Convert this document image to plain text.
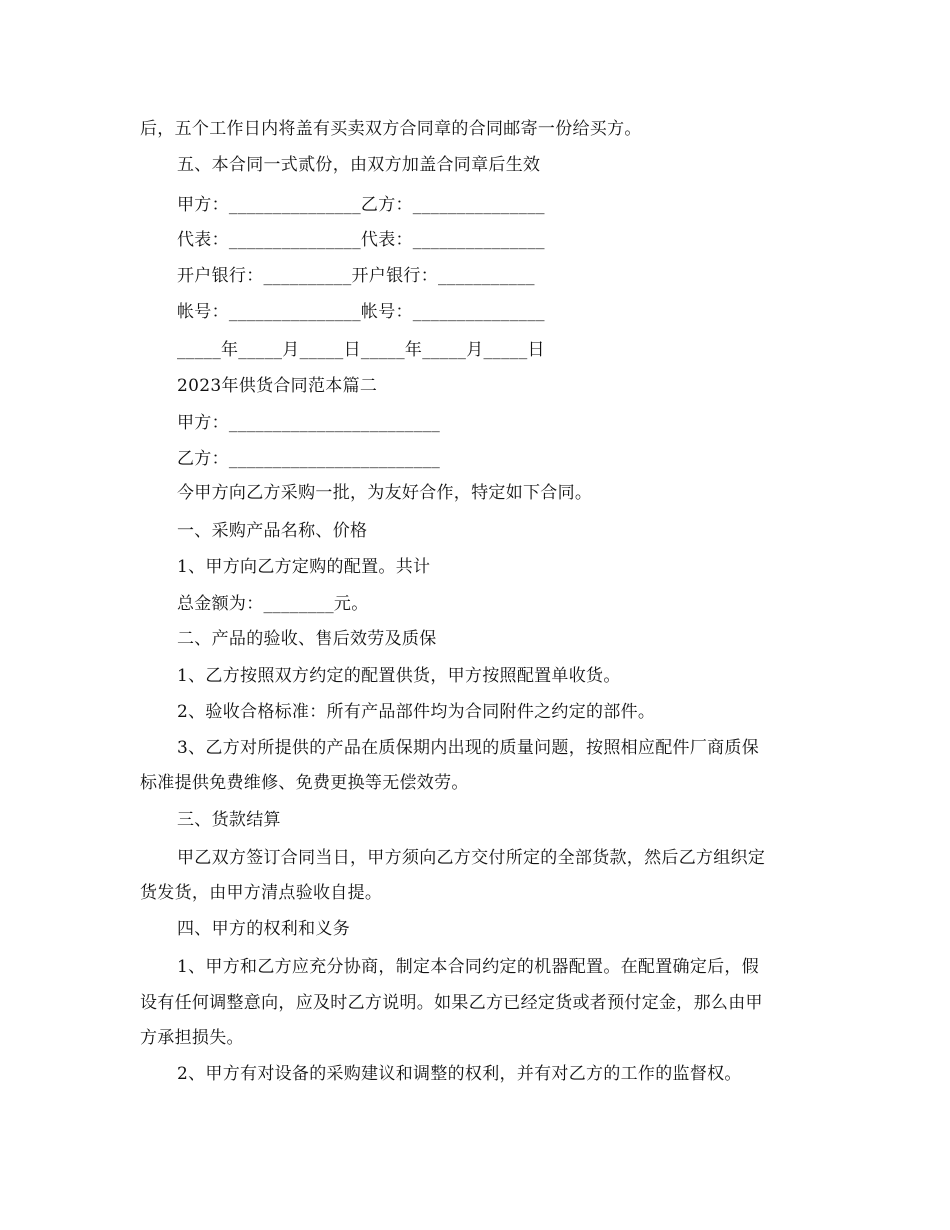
后，五个工作日内将盖有买卖双方合同章的合同邮寄一份给买方。
五、本合同一式贰份，由双方加盖合同章后生效
甲方：_______________乙方：_______________
代表：_______________代表：_______________
开户银行：__________开户银行：___________
帐号：_______________帐号：_______________
_____年_____月_____日_____年_____月_____日
2023年供货合同范本篇二
甲方：________________________
乙方：________________________
今甲方向乙方采购一批，为友好合作，特定如下合同。
一、采购产品名称、价格
1、甲方向乙方定购的配置。共计
总金额为：________元。
二、产品的验收、售后效劳及质保
1、乙方按照双方约定的配置供货，甲方按照配置单收货。
2、验收合格标准：所有产品部件均为合同附件之约定的部件。
3、乙方对所提供的产品在质保期内出现的质量问题，按照相应配件厂商质保
标准提供免费维修、免费更换等无偿效劳。
三、货款结算
甲乙双方签订合同当日，甲方须向乙方交付所定的全部货款，然后乙方组织定
货发货，由甲方清点验收自提。
四、甲方的权利和义务
1、甲方和乙方应充分协商，制定本合同约定的机器配置。在配置确定后，假
设有任何调整意向，应及时乙方说明。如果乙方已经定货或者预付定金，那么由甲
方承担损失。
2、甲方有对设备的采购建议和调整的权利，并有对乙方的工作的监督权。
